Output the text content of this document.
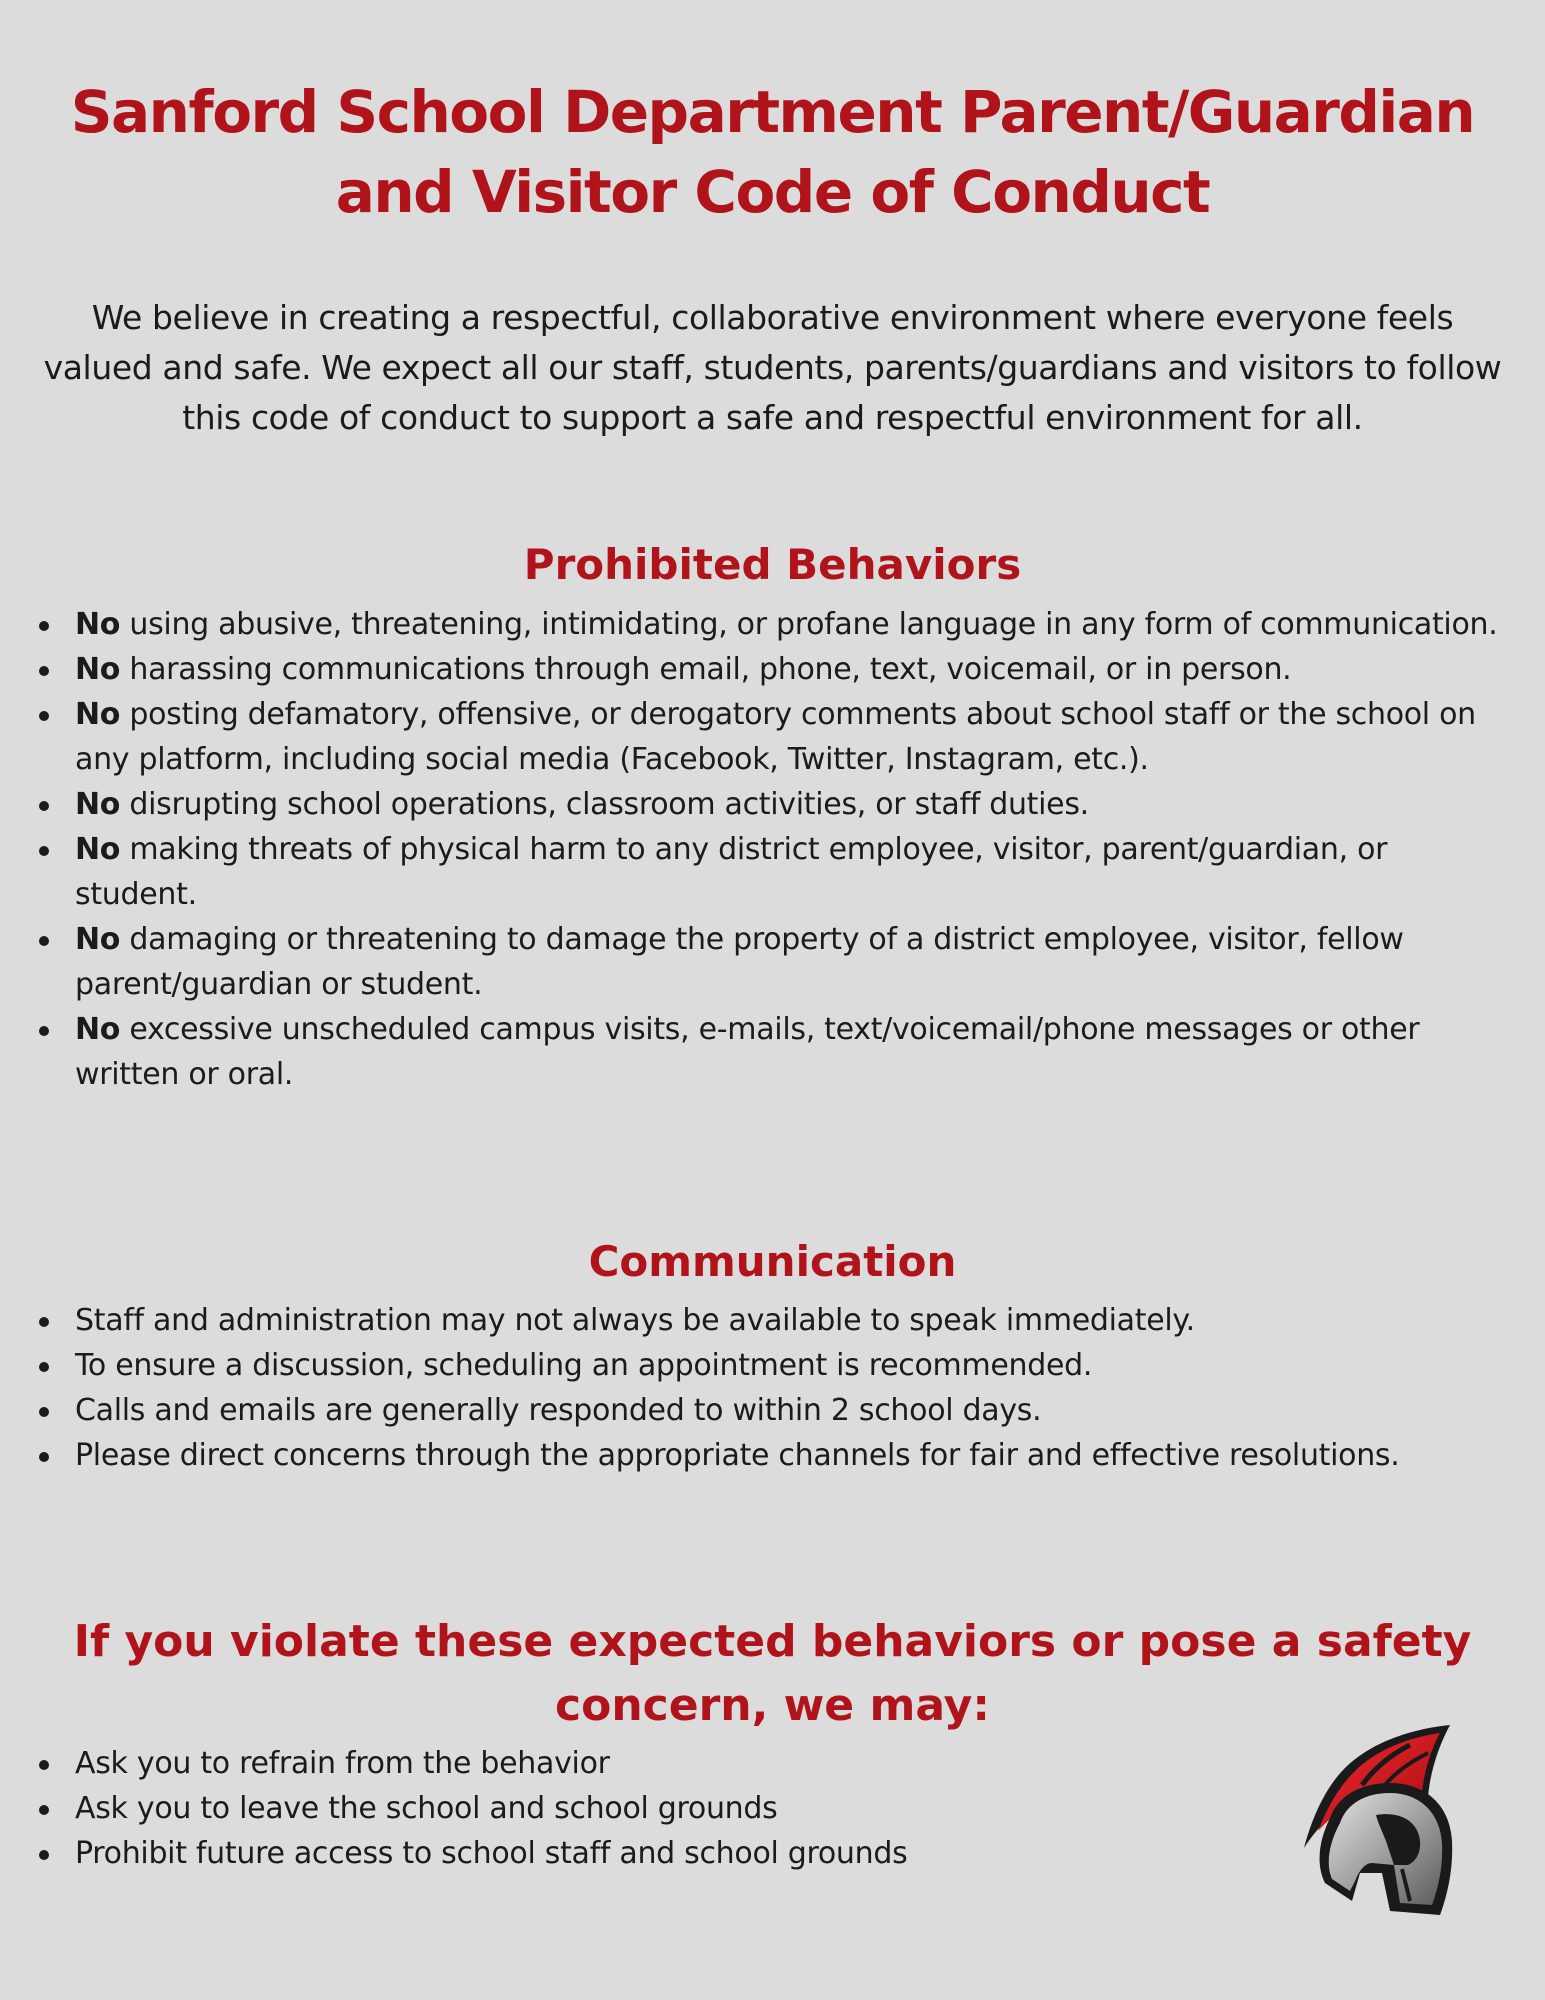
Sanford School Department Parent/Guardian and Visitor Code of Conduct

We believe in creating a respectful, collaborative environment where everyone feels valued and safe. We expect all our staff, students, parents/guardians and visitors to follow this code of conduct to support a safe and respectful environment for all.

Prohibited Behaviors
No using abusive, threatening, intimidating, or profane language in any form of communication.
No harassing communications through email, phone, text, voicemail, or in person.
No posting defamatory, offensive, or derogatory comments about school staff or the school on any platform, including social media (Facebook, Twitter, Instagram, etc.).
No disrupting school operations, classroom activities, or staff duties.
No making threats of physical harm to any district employee, visitor, parent/guardian, or student.
No damaging or threatening to damage the property of a district employee, visitor, fellow parent/guardian or student.
No excessive unscheduled campus visits, e-mails, text/voicemail/phone messages or other written or oral.
Communication
Staff and administration may not always be available to speak immediately.
To ensure a discussion, scheduling an appointment is recommended.
Calls and emails are generally responded to within 2 school days.
Please direct concerns through the appropriate channels for fair and effective resolutions.
If you violate these expected behaviors or pose a safety concern, we may:
Ask you to refrain from the behavior
Ask you to leave the school and school grounds
Prohibit future access to school staff and school grounds
